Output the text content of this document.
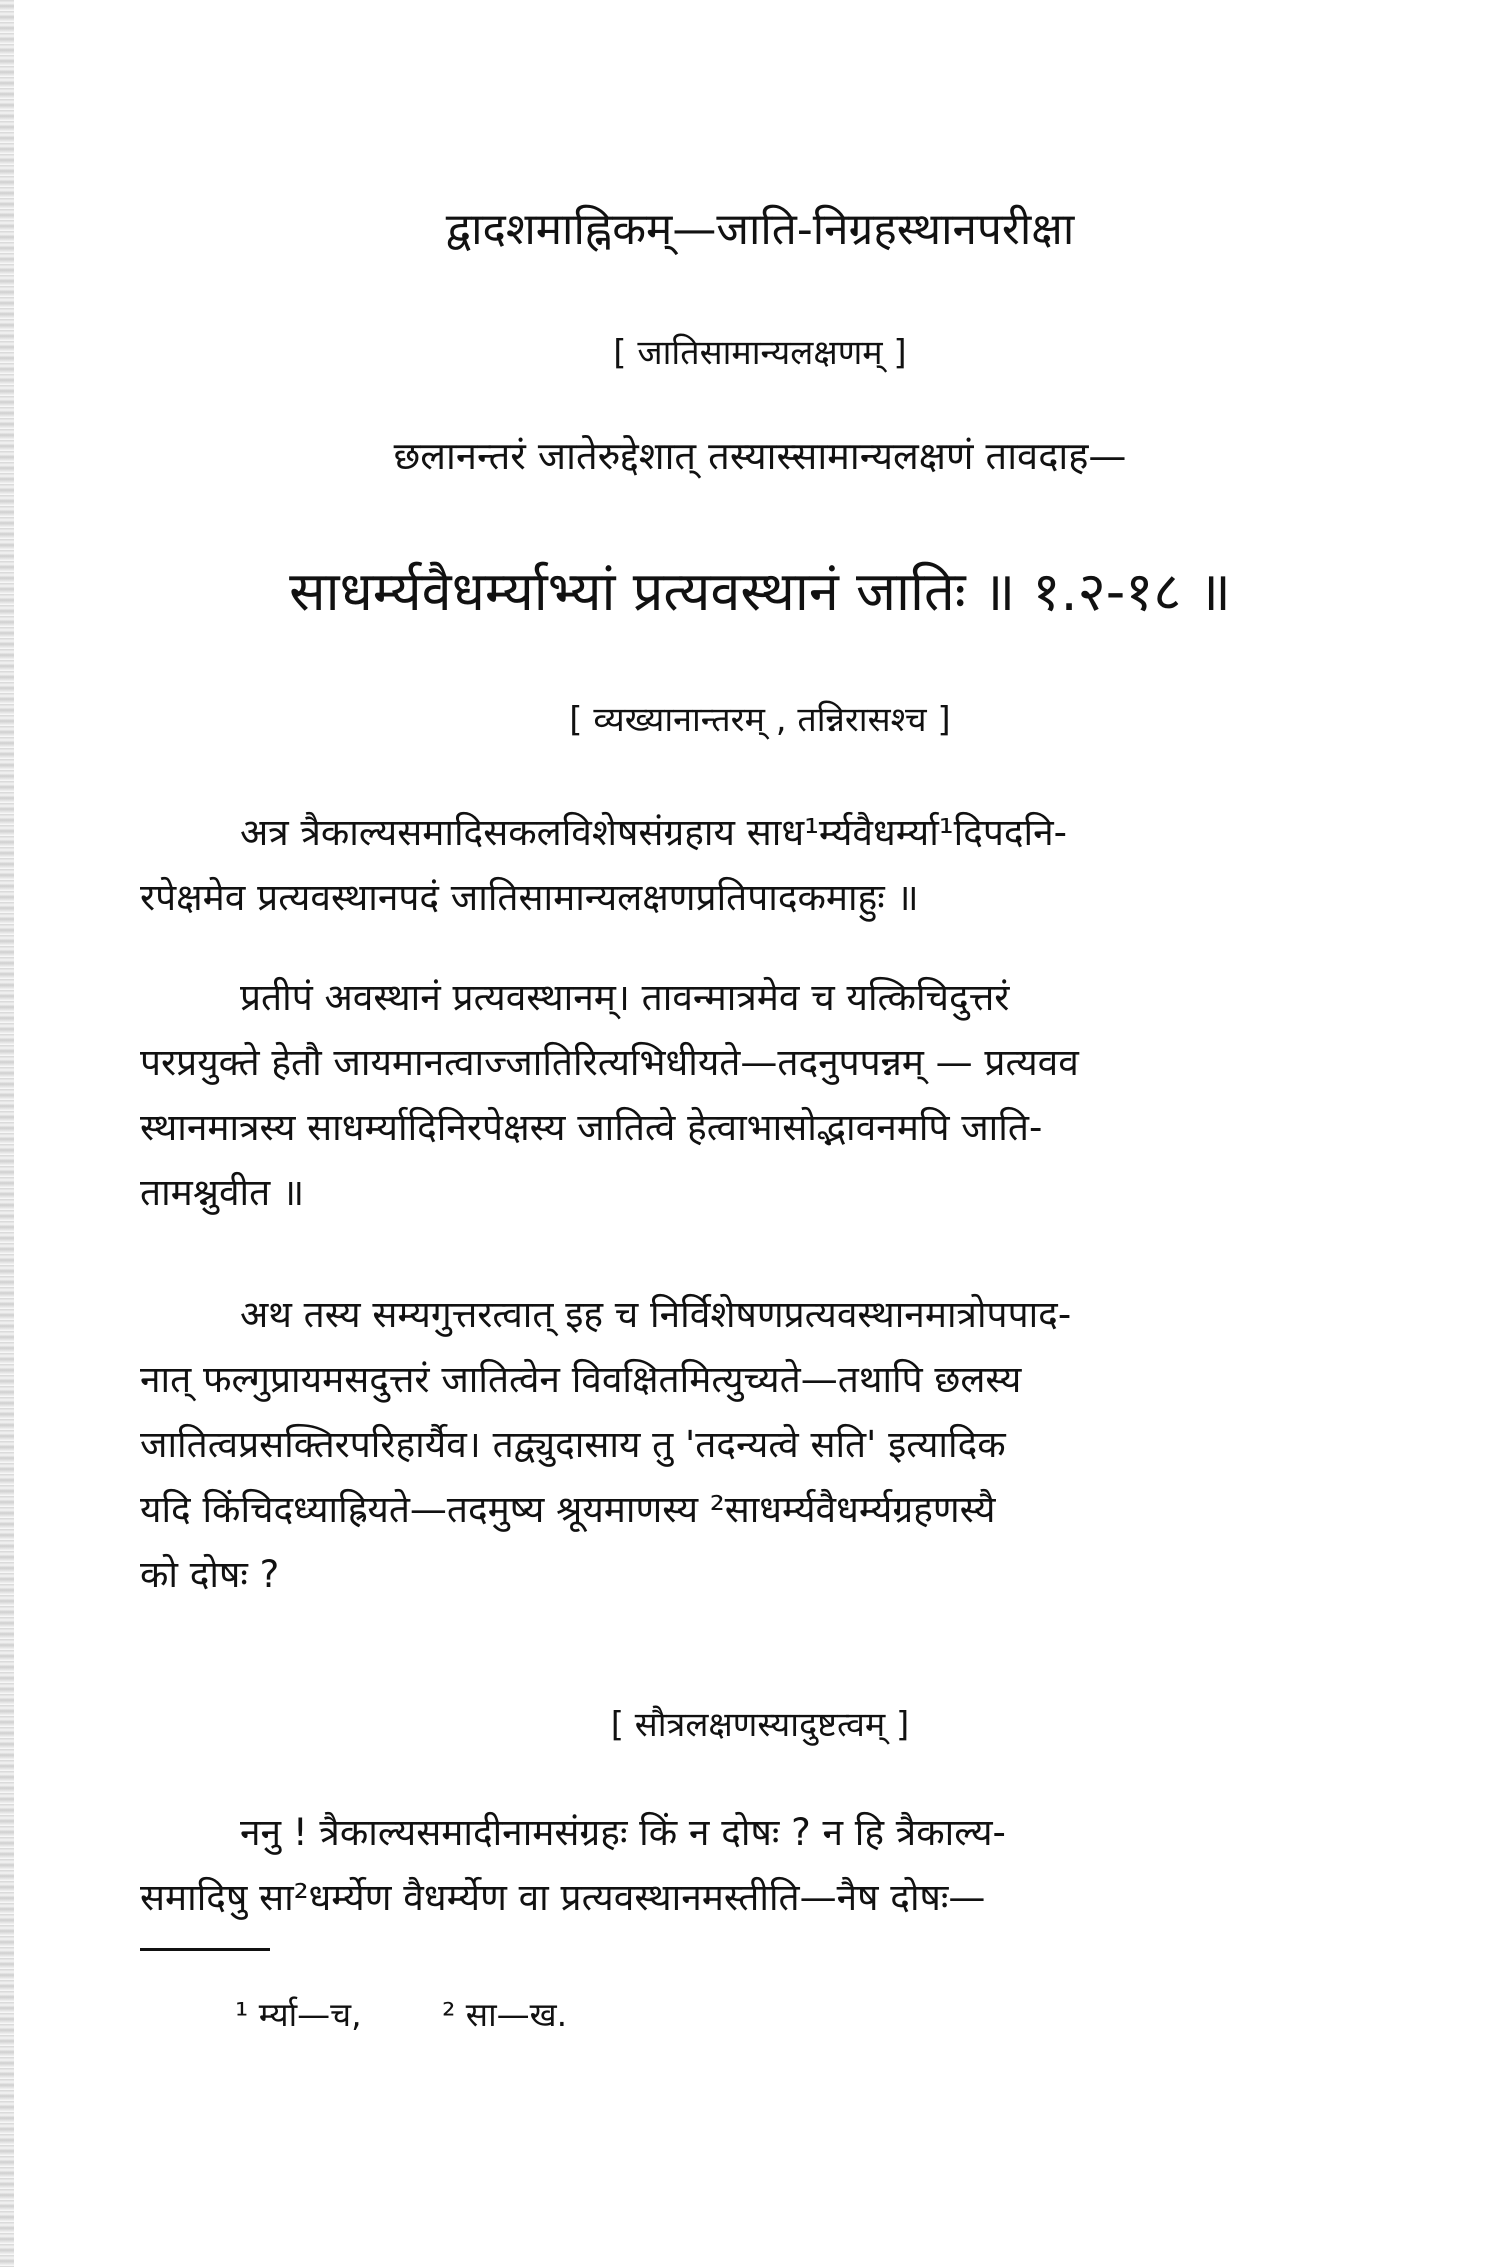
द्वादशमाह्निकम्—जाति-निग्रहस्थानपरीक्षा
[ जातिसामान्यलक्षणम् ]
छलानन्तरं जातेरुद्देशात् तस्यास्सामान्यलक्षणं तावदाह—
साधर्म्यवैधर्म्याभ्यां प्रत्यवस्थानं जातिः ॥ १.२-१८ ॥
[ व्यख्यानान्तरम् , तन्निरासश्च ]
अत्र त्रैकाल्यसमादिसकलविशेषसंग्रहाय साध¹र्म्यवैधर्म्या¹दिपदनि-
रपेक्षमेव प्रत्यवस्थानपदं जातिसामान्यलक्षणप्रतिपादकमाहुः ॥
प्रतीपं अवस्थानं प्रत्यवस्थानम्। तावन्मात्रमेव च यत्किचिदुत्तरं
परप्रयुक्ते हेतौ जायमानत्वाज्जातिरित्यभिधीयते—तदनुपपन्नम् — प्रत्यवव
स्थानमात्रस्य साधर्म्यादिनिरपेक्षस्य जातित्वे हेत्वाभासोद्भावनमपि जाति-
तामश्नुवीत ॥
अथ तस्य सम्यगुत्तरत्वात् इह च निर्विशेषणप्रत्यवस्थानमात्रोपपाद-
नात् फल्गुप्रायमसदुत्तरं जातित्वेन विवक्षितमित्युच्यते—तथापि छलस्य
जातित्वप्रसक्तिरपरिहार्यैव। तद्व्युदासाय तु 'तदन्यत्वे सति' इत्यादिक
यदि किंचिदध्याह्रियते—तदमुष्य श्रूयमाणस्य ²साधर्म्यवैधर्म्यग्रहणस्यै
को दोषः ?
[ सौत्रलक्षणस्यादुष्टत्वम् ]
ननु ! त्रैकाल्यसमादीनामसंग्रहः किं न दोषः ? न हि त्रैकाल्य-
समादिषु सा²धर्म्येण वैधर्म्येण वा प्रत्यवस्थानमस्तीति—नैष दोषः—
¹ र्म्या—च, ² सा—ख.
